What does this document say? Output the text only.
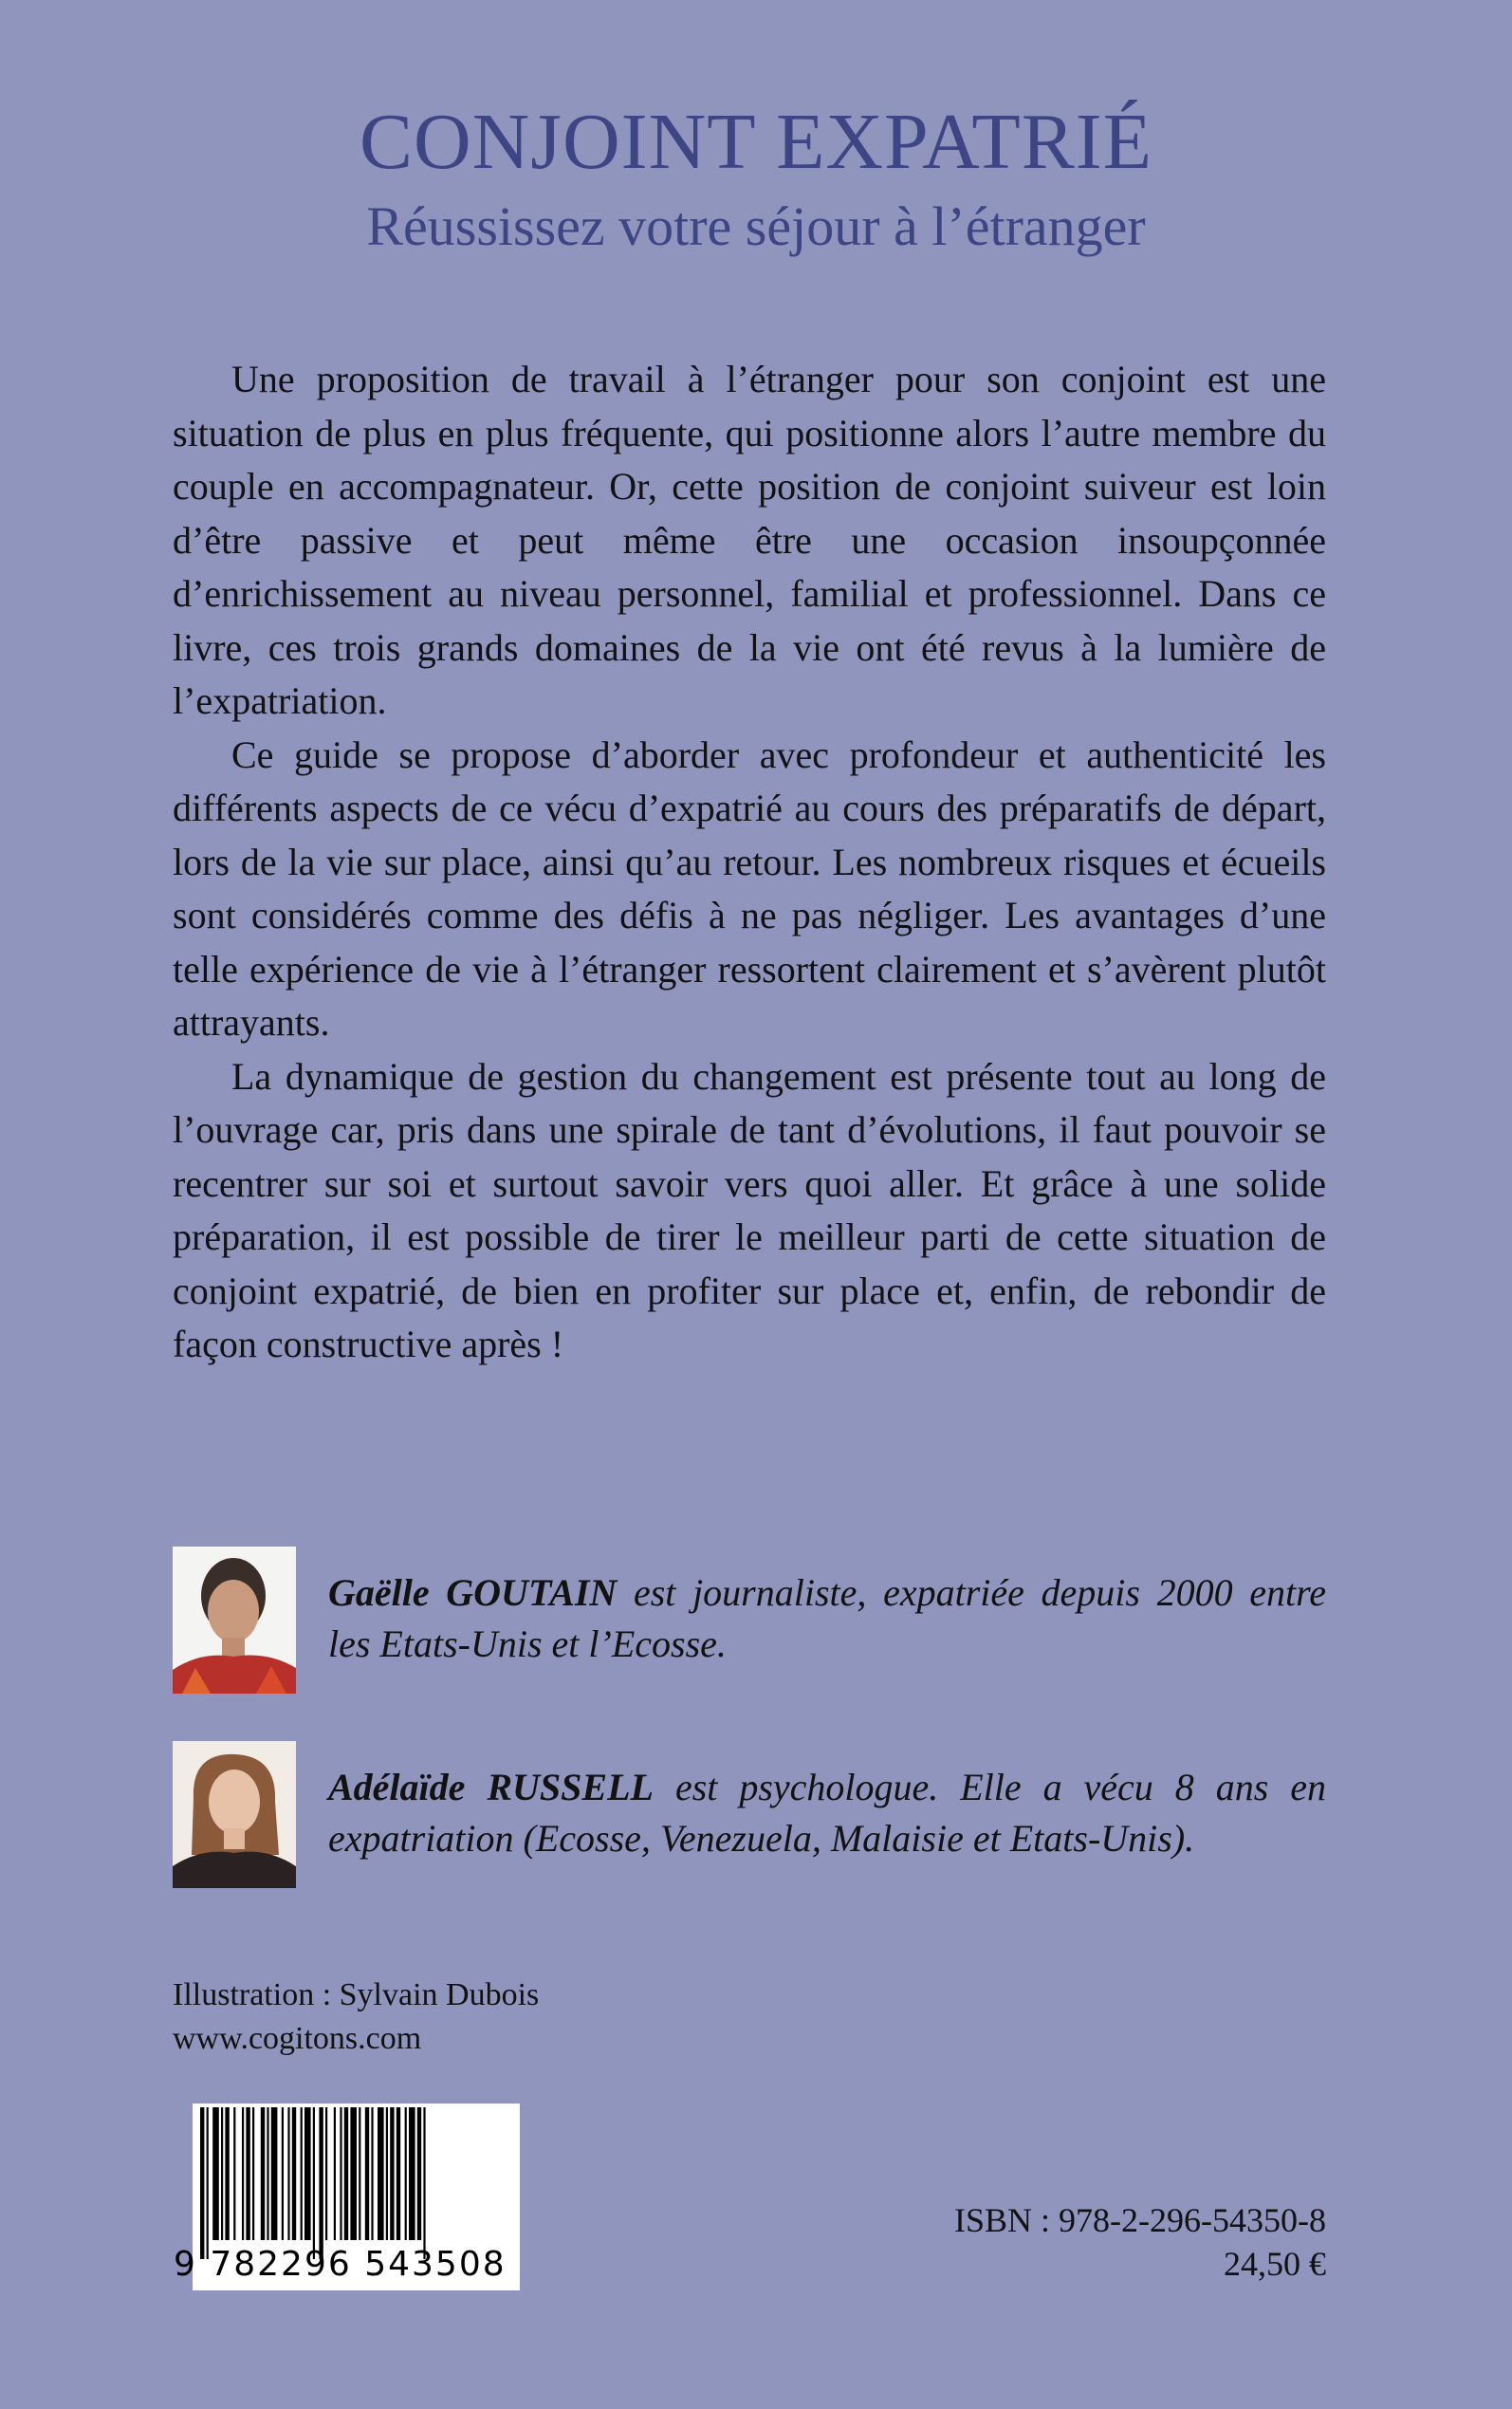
CONJOINT EXPATRIÉ
Réussissez votre séjour à l’étranger

Une proposition de travail à l’étranger pour son conjoint est une situation de plus en plus fréquente, qui positionne alors l’autre membre du couple en accompagnateur. Or, cette position de conjoint suiveur est loin d’être passive et peut même être une occasion insoupçonnée d’enrichissement au niveau personnel, familial et professionnel. Dans ce livre, ces trois grands domaines de la vie ont été revus à la lumière de l’expatriation.

Ce guide se propose d’aborder avec profondeur et authenticité les différents aspects de ce vécu d’expatrié au cours des préparatifs de départ, lors de la vie sur place, ainsi qu’au retour. Les nombreux risques et écueils sont considérés comme des défis à ne pas négliger. Les avantages d’une telle expérience de vie à l’étranger ressortent clairement et s’avèrent plutôt attrayants.

La dynamique de gestion du changement est présente tout au long de l’ouvrage car, pris dans une spirale de tant d’évolutions, il faut pouvoir se recentrer sur soi et surtout savoir vers quoi aller. Et grâce à une solide préparation, il est possible de tirer le meilleur parti de cette situation de conjoint expatrié, de bien en profiter sur place et, enfin, de rebondir de façon constructive après !

Gaëlle GOUTAIN est journaliste, expatriée depuis 2000 entre les Etats-Unis et l’Ecosse.
Adélaïde RUSSELL est psychologue. Elle a vécu 8 ans en expatriation (Ecosse, Venezuela, Malaisie et Etats-Unis).
Illustration : Sylvain Dubois
www.cogitons.com
9 782296 543508
ISBN : 978-2-296-54350-8
24,50 €
